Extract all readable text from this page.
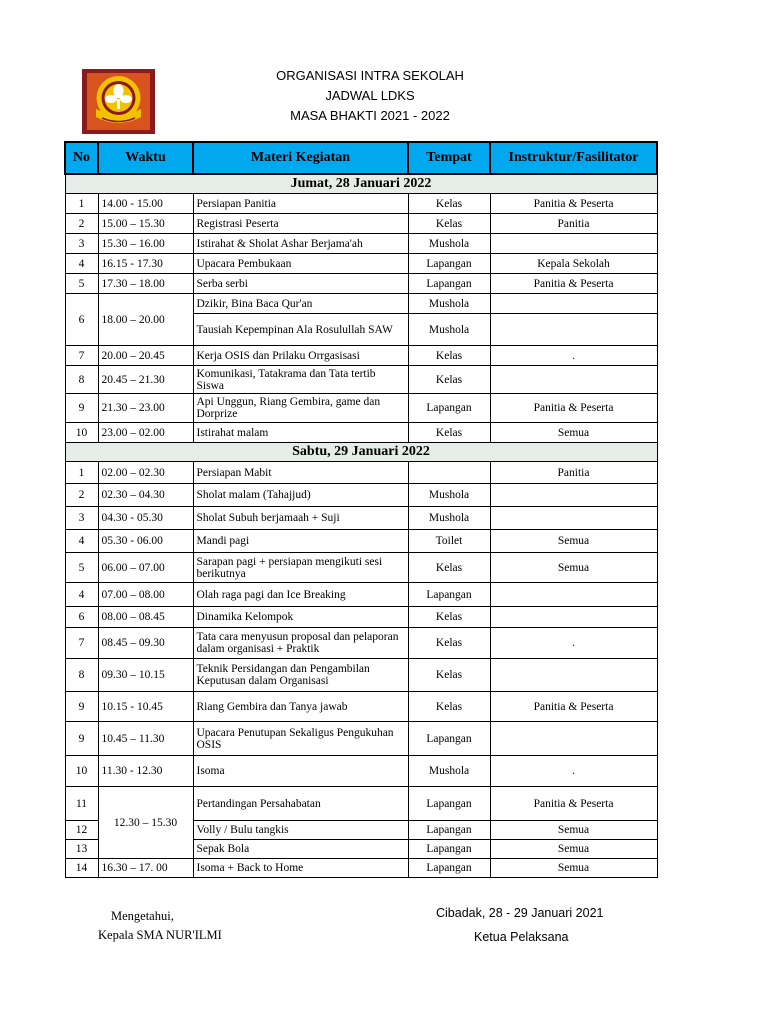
ORGANISASI INTRA SEKOLAH
JADWAL LDKS
MASA BHAKTI 2021 - 2022
No	Waktu	Materi Kegiatan	Tempat	Instruktur/Fasilitator
Jumat, 28 Januari 2022				
1	14.00 - 15.00	Persiapan Panitia	Kelas	Panitia & Peserta
2	15.00 – 15.30	Registrasi Peserta	Kelas	Panitia
3	15.30 – 16.00	Istirahat & Sholat Ashar Berjama'ah	Mushola	
4	16.15 - 17.30	Upacara Pembukaan	Lapangan	Kepala Sekolah
5	17.30 – 18.00	Serba serbi	Lapangan	Panitia & Peserta
6	18.00 – 20.00	Dzikir, Bina Baca Qur'an	Mushola	
		Tausiah Kepempinan Ala Rosulullah SAW	Mushola	
7	20.00 – 20.45	Kerja OSIS dan Prilaku Orrgasisasi	Kelas	.
8	20.45 – 21.30	Komunikasi, Tatakrama dan Tata tertib Siswa	Kelas	
9	21.30 – 23.00	Api Unggun, Riang Gembira, game dan Dorprize	Lapangan	Panitia & Peserta
10	23.00 – 02.00	Istirahat malam	Kelas	Semua
Sabtu, 29 Januari 2022				
1	02.00 – 02.30	Persiapan Mabit		Panitia
2	02.30 – 04.30	Sholat malam (Tahajjud)	Mushola	
3	04.30 - 05.30	Sholat Subuh berjamaah + Suji	Mushola	
4	05.30 - 06.00	Mandi pagi	Toilet	Semua
5	06.00 – 07.00	Sarapan pagi + persiapan mengikuti sesi berikutnya	Kelas	Semua
4	07.00 – 08.00	Olah raga pagi dan Ice Breaking	Lapangan	
6	08.00 – 08.45	Dinamika Kelompok	Kelas	
7	08.45 – 09.30	Tata cara menyusun proposal dan pelaporan dalam organisasi + Praktik	Kelas	.
8	09.30 – 10.15	Teknik Persidangan dan Pengambilan Keputusan dalam Organisasi	Kelas	
9	10.15 - 10.45	Riang Gembira dan Tanya jawab	Kelas	Panitia & Peserta
9	10.45 – 11.30	Upacara Penutupan Sekaligus Pengukuhan OSIS	Lapangan	
10	11.30 - 12.30	Isoma	Mushola	.
11	12.30 – 15.30	Pertandingan Persahabatan	Lapangan	Panitia & Peserta
12		Volly / Bulu tangkis	Lapangan	Semua
13		Sepak Bola	Lapangan	Semua
14	16.30 – 17. 00	Isoma + Back to Home	Lapangan	Semua
Mengetahui,
Kepala SMA NUR'ILMI
Cibadak, 28 - 29 Januari 2021
Ketua Pelaksana
